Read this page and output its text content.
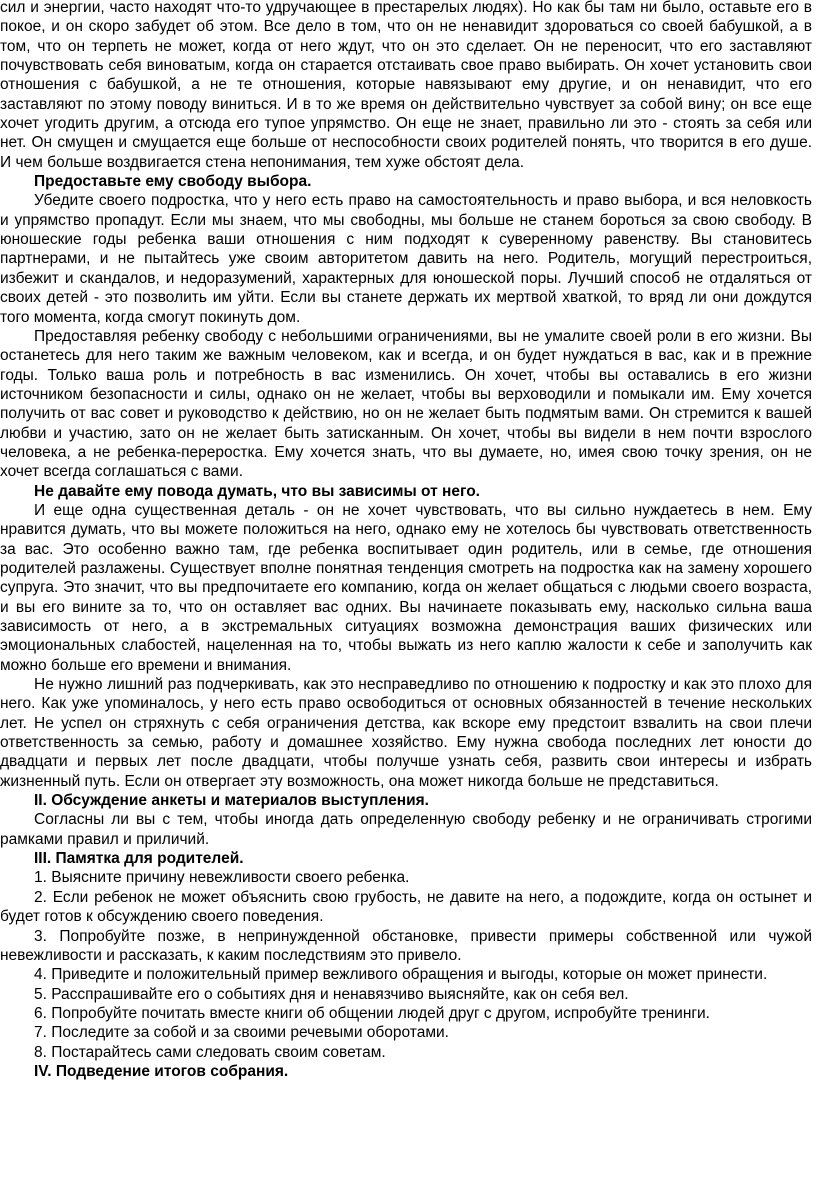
сил и энергии, часто находят что-то удручающее в престарелых людях). Но как бы там ни было, оставьте его в покое, и он скоро забудет об этом. Все дело в том, что он не ненавидит здороваться со своей бабушкой, а в том, что он терпеть не может, когда от него ждут, что он это сделает. Он не переносит, что его заставляют почувствовать себя виноватым, когда он старается отстаивать свое право выбирать. Он хочет установить свои отношения с бабушкой, а не те отношения, которые навязывают ему другие, и он ненавидит, что его заставляют по этому поводу виниться. И в то же время он действительно чувствует за собой вину; он все еще хочет угодить другим, а отсюда его тупое упрямство. Он еще не знает, правильно ли это - стоять за себя или нет. Он смущен и смущается еще больше от неспособности своих родителей понять, что творится в его душе. И чем больше воздвигается стена непонимания, тем хуже обстоят дела.

Предоставьте ему свободу выбора.

Убедите своего подростка, что у него есть право на самостоятельность и право выбора, и вся неловкость и упрямство пропадут. Если мы знаем, что мы свободны, мы больше не станем бороться за свою свободу. В юношеские годы ребенка ваши отношения с ним подходят к суверенному равенству. Вы становитесь партнерами, и не пытайтесь уже своим авторитетом давить на него. Родитель, могущий перестроиться, избежит и скандалов, и недоразумений, характерных для юношеской поры. Лучший способ не отдаляться от своих детей - это позволить им уйти. Если вы станете держать их мертвой хваткой, то вряд ли они дождутся того момента, когда смогут покинуть дом.

Предоставляя ребенку свободу с небольшими ограничениями, вы не умалите своей роли в его жизни. Вы останетесь для него таким же важным человеком, как и всегда, и он будет нуждаться в вас, как и в прежние годы. Только ваша роль и потребность в вас изменились. Он хочет, чтобы вы оставались в его жизни источником безопасности и силы, однако он не желает, чтобы вы верховодили и помыкали им. Ему хочется получить от вас совет и руководство к действию, но он не желает быть подмятым вами. Он стремится к вашей любви и участию, зато он не желает быть затисканным. Он хочет, чтобы вы видели в нем почти взрослого человека, а не ребенка-переростка. Ему хочется знать, что вы думаете, но, имея свою точку зрения, он не хочет всегда соглашаться с вами.

Не давайте ему повода думать, что вы зависимы от него.

И еще одна существенная деталь - он не хочет чувствовать, что вы сильно нуждаетесь в нем. Ему нравится думать, что вы можете положиться на него, однако ему не хотелось бы чувствовать ответственность за вас. Это особенно важно там, где ребенка воспитывает один родитель, или в семье, где отношения родителей разлажены. Существует вполне понятная тенденция смотреть на подростка как на замену хорошего супруга. Это значит, что вы предпочитаете его компанию, когда он желает общаться с людьми своего возраста, и вы его вините за то, что он оставляет вас одних. Вы начинаете показывать ему, насколько сильна ваша зависимость от него, а в экстремальных ситуациях возможна демонстрация ваших физических или эмоциональных слабостей, нацеленная на то, чтобы выжать из него каплю жалости к себе и заполучить как можно больше его времени и внимания.

Не нужно лишний раз подчеркивать, как это несправедливо по отношению к подростку и как это плохо для него. Как уже упоминалось, у него есть право освободиться от основных обязанностей в течение нескольких лет. Не успел он стряхнуть с себя ограничения детства, как вскоре ему предстоит взвалить на свои плечи ответственность за семью, работу и домашнее хозяйство. Ему нужна свобода последних лет юности до двадцати и первых лет после двадцати, чтобы получше узнать себя, развить свои интересы и избрать жизненный путь. Если он отвергает эту возможность, она может никогда больше не представиться.

II. Обсуждение анкеты и материалов выступления.

Согласны ли вы с тем, чтобы иногда дать определенную свободу ребенку и не ограничивать строгими рамками правил и приличий.

III. Памятка для родителей.

1. Выясните причину невежливости своего ребенка.

2. Если ребенок не может объяснить свою грубость, не давите на него, а подождите, когда он остынет и будет готов к обсуждению своего поведения.

3. Попробуйте позже, в непринужденной обстановке, привести примеры собственной или чужой невежливости и рассказать, к каким последствиям это привело.

4. Приведите и положительный пример вежливого обращения и выгоды, которые он может принести.

5. Расспрашивайте его о событиях дня и ненавязчиво выясняйте, как он себя вел.

6. Попробуйте почитать вместе книги об общении людей друг с другом, испробуйте тренинги.

7. Последите за собой и за своими речевыми оборотами.

8. Постарайтесь сами следовать своим советам.

IV. Подведение итогов собрания.
